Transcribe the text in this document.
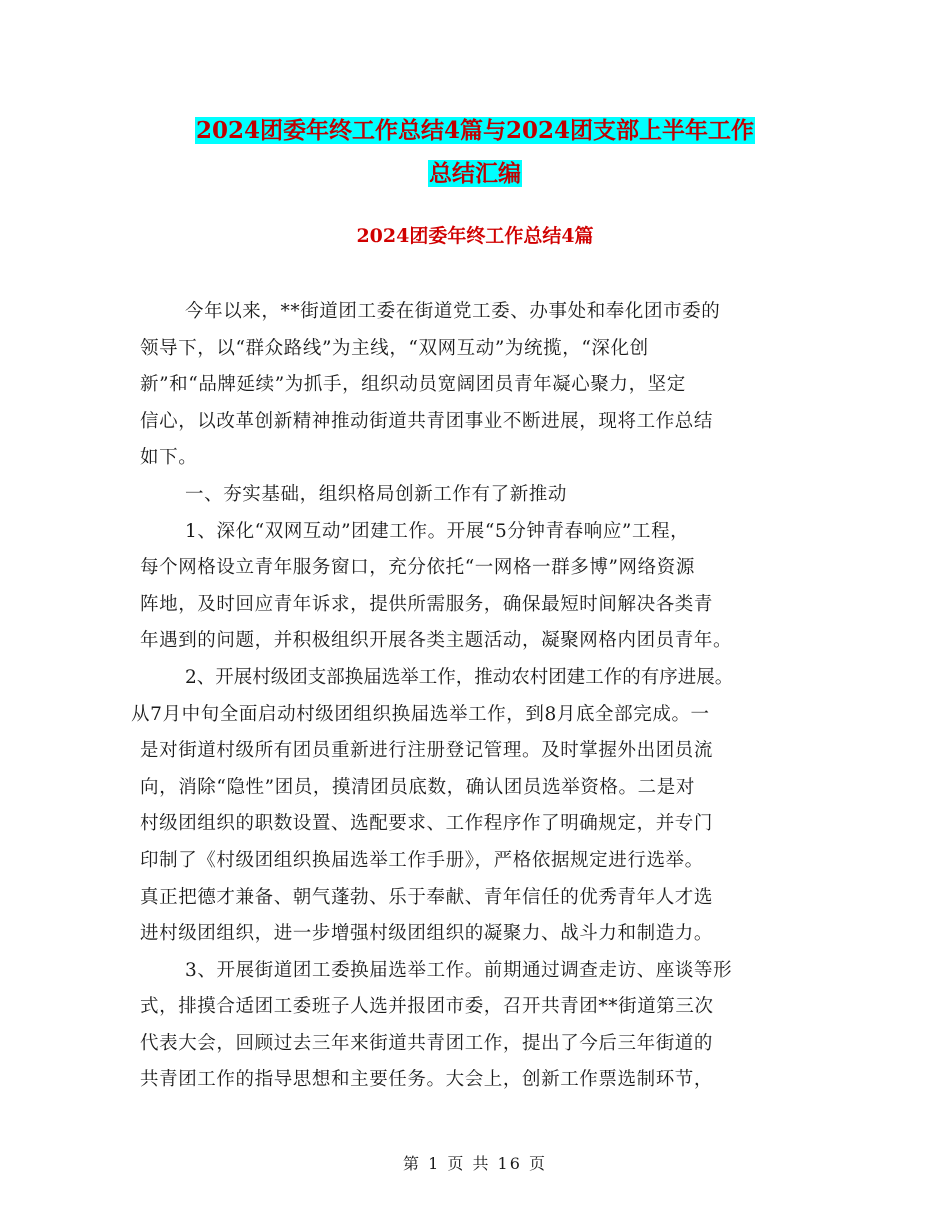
2024团委年终工作总结4篇与2024团支部上半年工作
总结汇编
2024团委年终工作总结4篇
今年以来，**街道团工委在街道党工委、办事处和奉化团市委的
领导下，以“群众路线”为主线，“双网互动”为统揽，“深化创
新”和“品牌延续”为抓手，组织动员宽阔团员青年凝心聚力，坚定
信心，以改革创新精神推动街道共青团事业不断进展，现将工作总结
如下。
一、夯实基础，组织格局创新工作有了新推动
1、深化“双网互动”团建工作。开展“5分钟青春响应”工程，
每个网格设立青年服务窗口，充分依托“一网格一群多博”网络资源
阵地，及时回应青年诉求，提供所需服务，确保最短时间解决各类青
年遇到的问题，并积极组织开展各类主题活动，凝聚网格内团员青年。
2、开展村级团支部换届选举工作，推动农村团建工作的有序进展。
从7月中旬全面启动村级团组织换届选举工作，到8月底全部完成。一
是对街道村级所有团员重新进行注册登记管理。及时掌握外出团员流
向，消除“隐性”团员，摸清团员底数，确认团员选举资格。二是对
村级团组织的职数设置、选配要求、工作程序作了明确规定，并专门
印制了《村级团组织换届选举工作手册》，严格依据规定进行选举。
真正把德才兼备、朝气蓬勃、乐于奉献、青年信任的优秀青年人才选
进村级团组织，进一步增强村级团组织的凝聚力、战斗力和制造力。
3、开展街道团工委换届选举工作。前期通过调查走访、座谈等形
式，排摸合适团工委班子人选并报团市委，召开共青团**街道第三次
代表大会，回顾过去三年来街道共青团工作，提出了今后三年街道的
共青团工作的指导思想和主要任务。大会上，创新工作票选制环节，
第 1 页 共 16 页
